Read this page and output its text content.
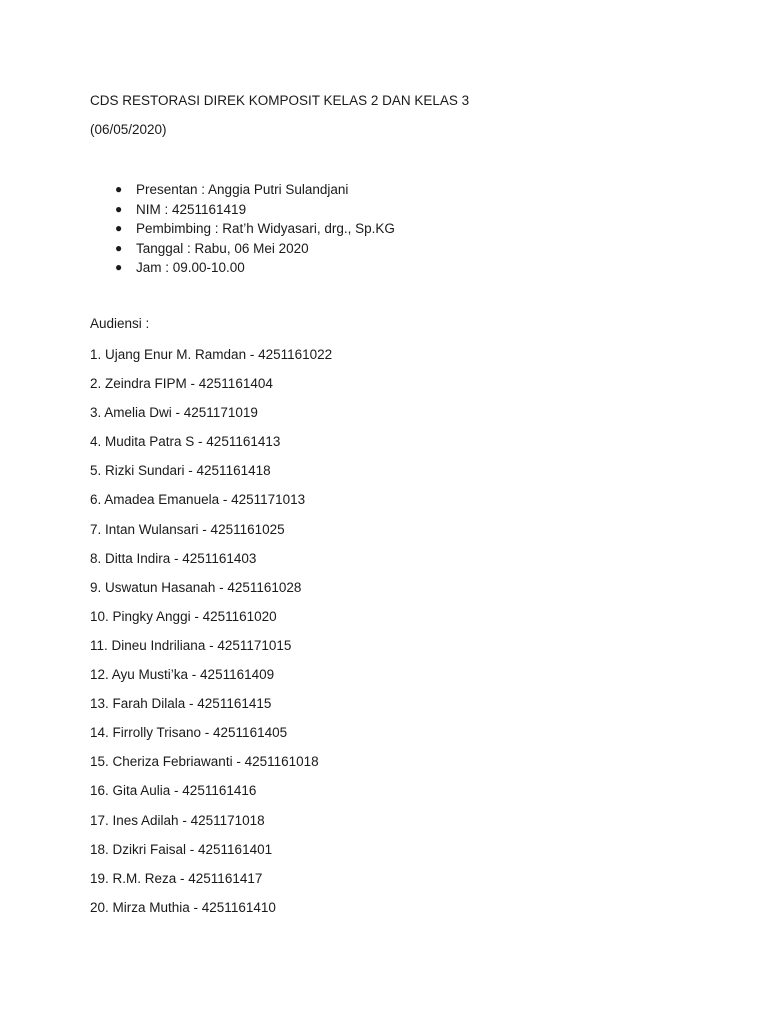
CDS RESTORASI DIREK KOMPOSIT KELAS 2 DAN KELAS 3
(06/05/2020)
● Presentan : Anggia Putri Sulandjani
● NIM : 4251161419
● Pembimbing : Rat’h Widyasari, drg., Sp.KG
● Tanggal : Rabu, 06 Mei 2020
● Jam : 09.00-10.00
Audiensi :
1. Ujang Enur M. Ramdan - 4251161022
2. Zeindra FIPM - 4251161404
3. Amelia Dwi - 4251171019
4. Mudita Patra S - 4251161413
5. Rizki Sundari - 4251161418
6. Amadea Emanuela - 4251171013
7. Intan Wulansari - 4251161025
8. Ditta Indira - 4251161403
9. Uswatun Hasanah - 4251161028
10. Pingky Anggi - 4251161020
11. Dineu Indriliana - 4251171015
12. Ayu Musti’ka - 4251161409
13. Farah Dilala - 4251161415
14. Firrolly Trisano - 4251161405
15. Cheriza Febriawanti - 4251161018
16. Gita Aulia - 4251161416
17. Ines Adilah - 4251171018
18. Dzikri Faisal - 4251161401
19. R.M. Reza - 4251161417
20. Mirza Muthia - 4251161410
